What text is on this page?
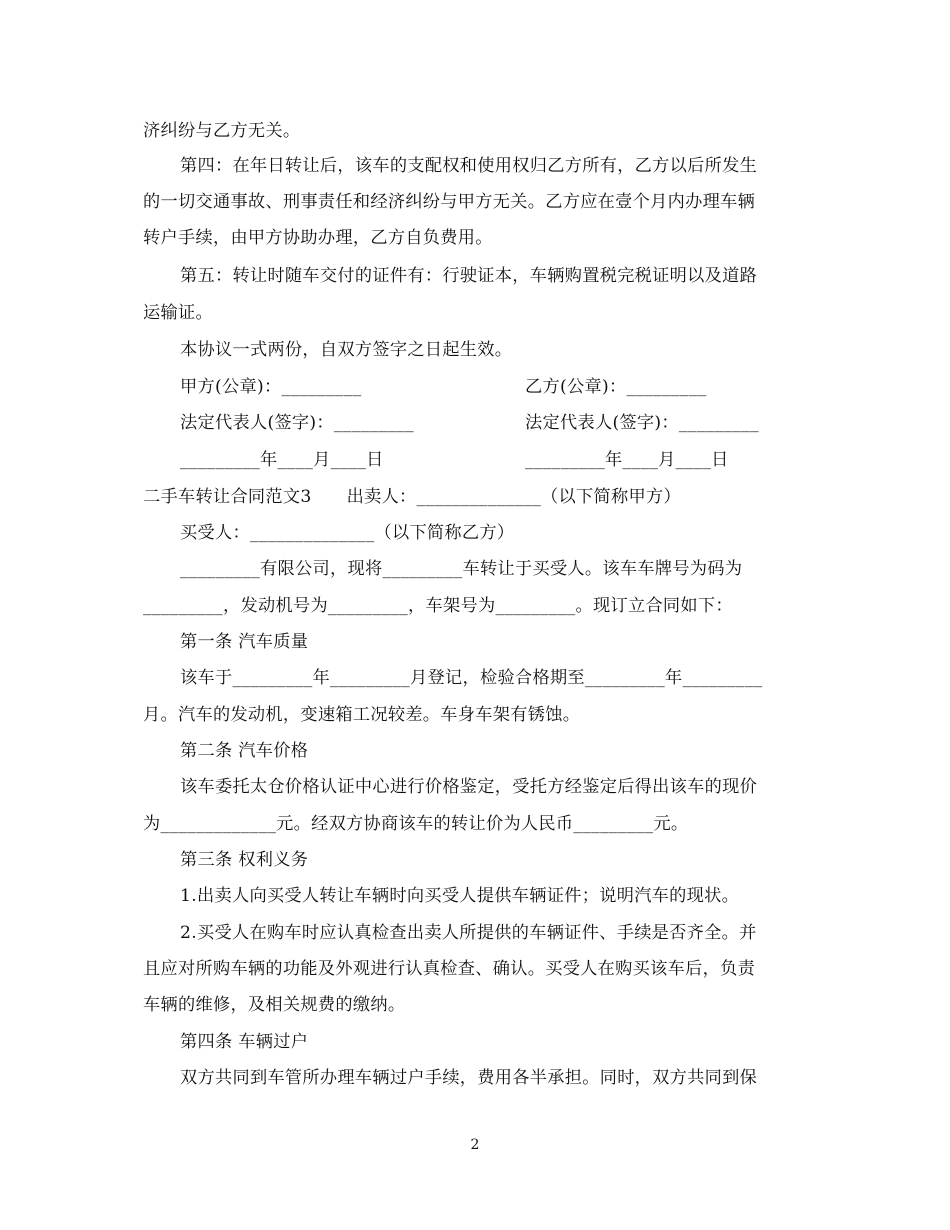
济纠纷与乙方无关。
第四：在年日转让后，该车的支配权和使用权归乙方所有，乙方以后所发生
的一切交通事故、刑事责任和经济纠纷与甲方无关。乙方应在壹个月内办理车辆
转户手续，由甲方协助办理，乙方自负费用。
第五：转让时随车交付的证件有：行驶证本，车辆购置税完税证明以及道路
运输证。
本协议一式两份，自双方签字之日起生效。
甲方(公章)：_________	乙方(公章)：_________
法定代表人(签字)：_________	法定代表人(签字)：_________
_________年____月____日	_________年____月____日
二手车转让合同范文3　　出卖人：______________（以下简称甲方）
买受人：______________（以下简称乙方）
_________有限公司，现将_________车转让于买受人。该车车牌号为码为
_________，发动机号为_________，车架号为_________。现订立合同如下：
第一条 汽车质量
该车于_________年_________月登记，检验合格期至_________年_________
月。汽车的发动机，变速箱工况较差。车身车架有锈蚀。
第二条 汽车价格
该车委托太仓价格认证中心进行价格鉴定，受托方经鉴定后得出该车的现价
为_____________元。经双方协商该车的转让价为人民币_________元。
第三条 权利义务
1.出卖人向买受人转让车辆时向买受人提供车辆证件；说明汽车的现状。
2.买受人在购车时应认真检查出卖人所提供的车辆证件、手续是否齐全。并
且应对所购车辆的功能及外观进行认真检查、确认。买受人在购买该车后，负责
车辆的维修，及相关规费的缴纳。
第四条 车辆过户
双方共同到车管所办理车辆过户手续，费用各半承担。同时，双方共同到保
2
